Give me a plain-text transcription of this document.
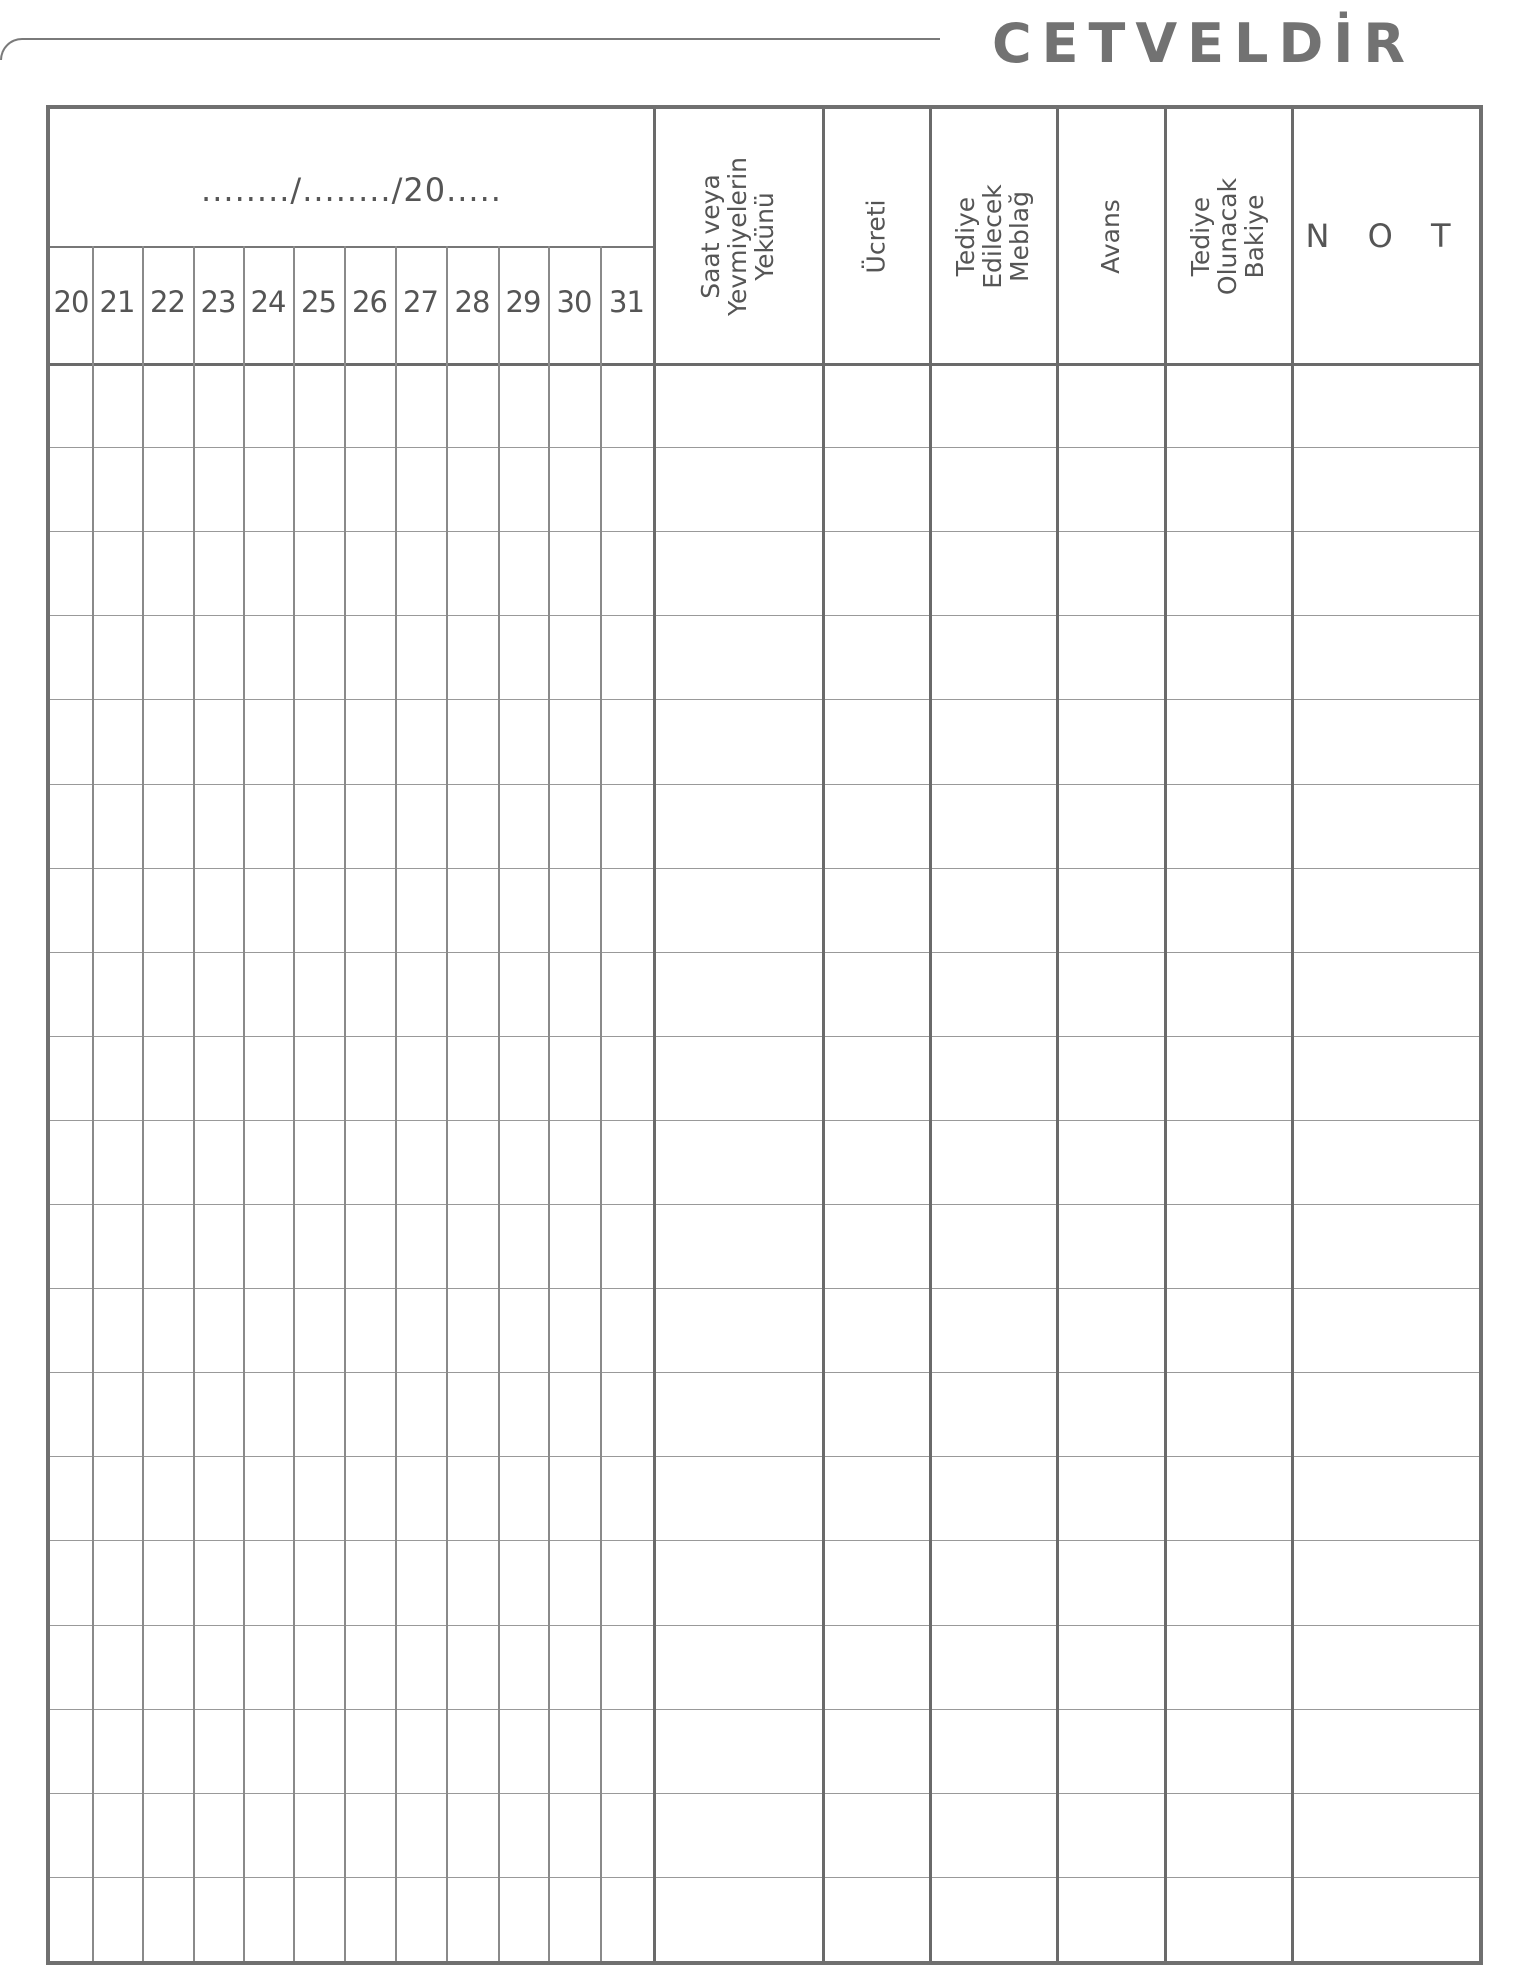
CETVELDİR
......../......../20.....
20 21 22 23 24 25 26 27 28 29 30 31
Saat veya
Yevmiyelerin
Yekünü	Ücreti Tediye Edilecek
Meblağ Avans Tediye Olunacak
Bakiye	N O T
